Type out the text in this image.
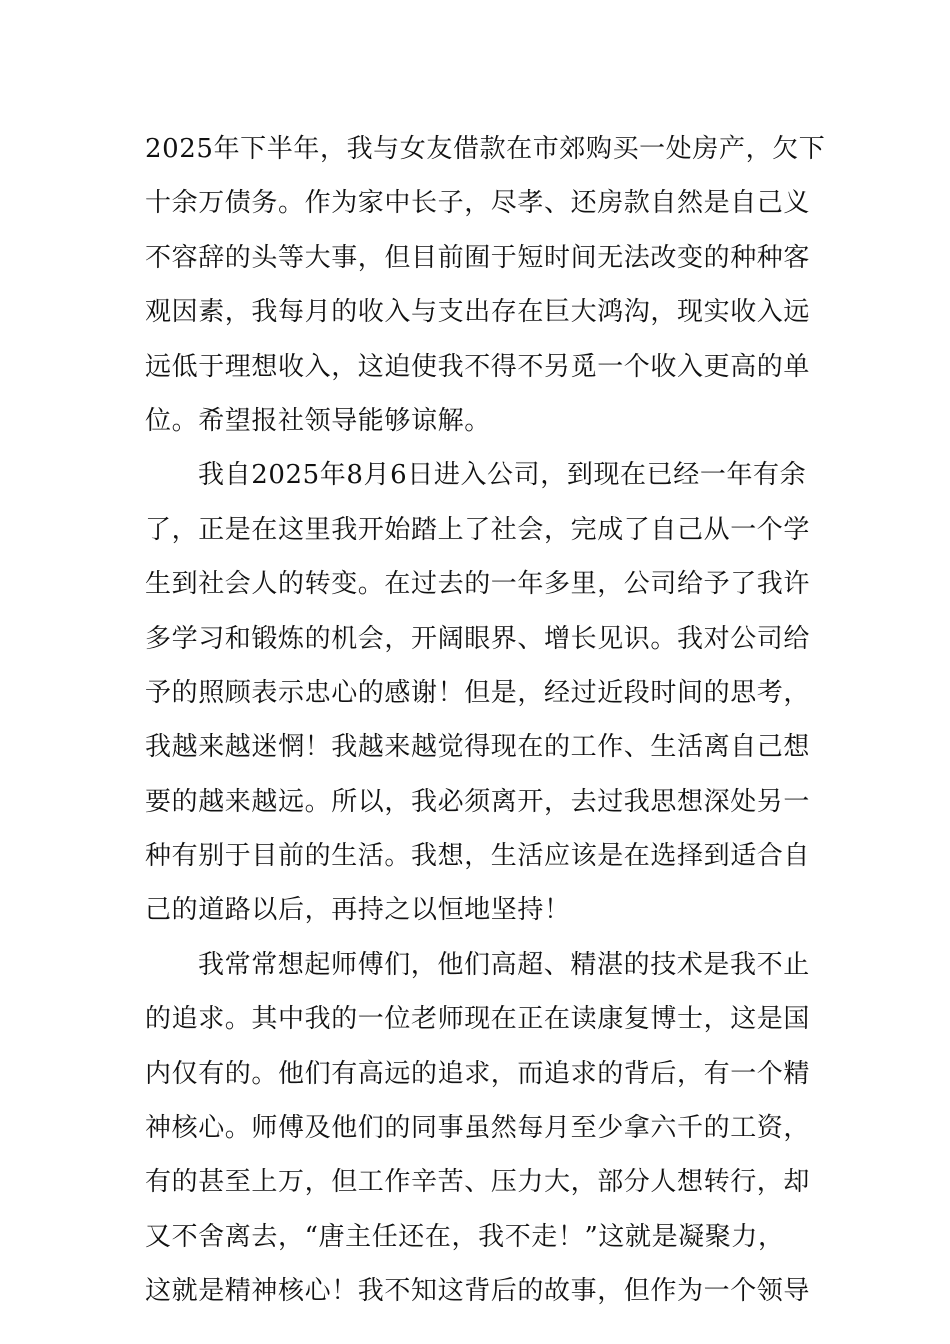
2025年下半年，我与女友借款在市郊购买一处房产，欠下
十余万债务。作为家中长子，尽孝、还房款自然是自己义
不容辞的头等大事，但目前囿于短时间无法改变的种种客
观因素，我每月的收入与支出存在巨大鸿沟，现实收入远
远低于理想收入，这迫使我不得不另觅一个收入更高的单
位。希望报社领导能够谅解。
我自2025年8月6日进入公司，到现在已经一年有余
了，正是在这里我开始踏上了社会，完成了自己从一个学
生到社会人的转变。在过去的一年多里，公司给予了我许
多学习和锻炼的机会，开阔眼界、增长见识。我对公司给
予的照顾表示忠心的感谢！但是，经过近段时间的思考，
我越来越迷惘！我越来越觉得现在的工作、生活离自己想
要的越来越远。所以，我必须离开，去过我思想深处另一
种有别于目前的生活。我想，生活应该是在选择到适合自
己的道路以后，再持之以恒地坚持！
我常常想起师傅们，他们高超、精湛的技术是我不止
的追求。其中我的一位老师现在正在读康复博士，这是国
内仅有的。他们有高远的追求，而追求的背后，有一个精
神核心。师傅及他们的同事虽然每月至少拿六千的工资，
有的甚至上万，但工作辛苦、压力大，部分人想转行，却
又不舍离去，“唐主任还在，我不走！”这就是凝聚力，
这就是精神核心！我不知这背后的故事，但作为一个领导
